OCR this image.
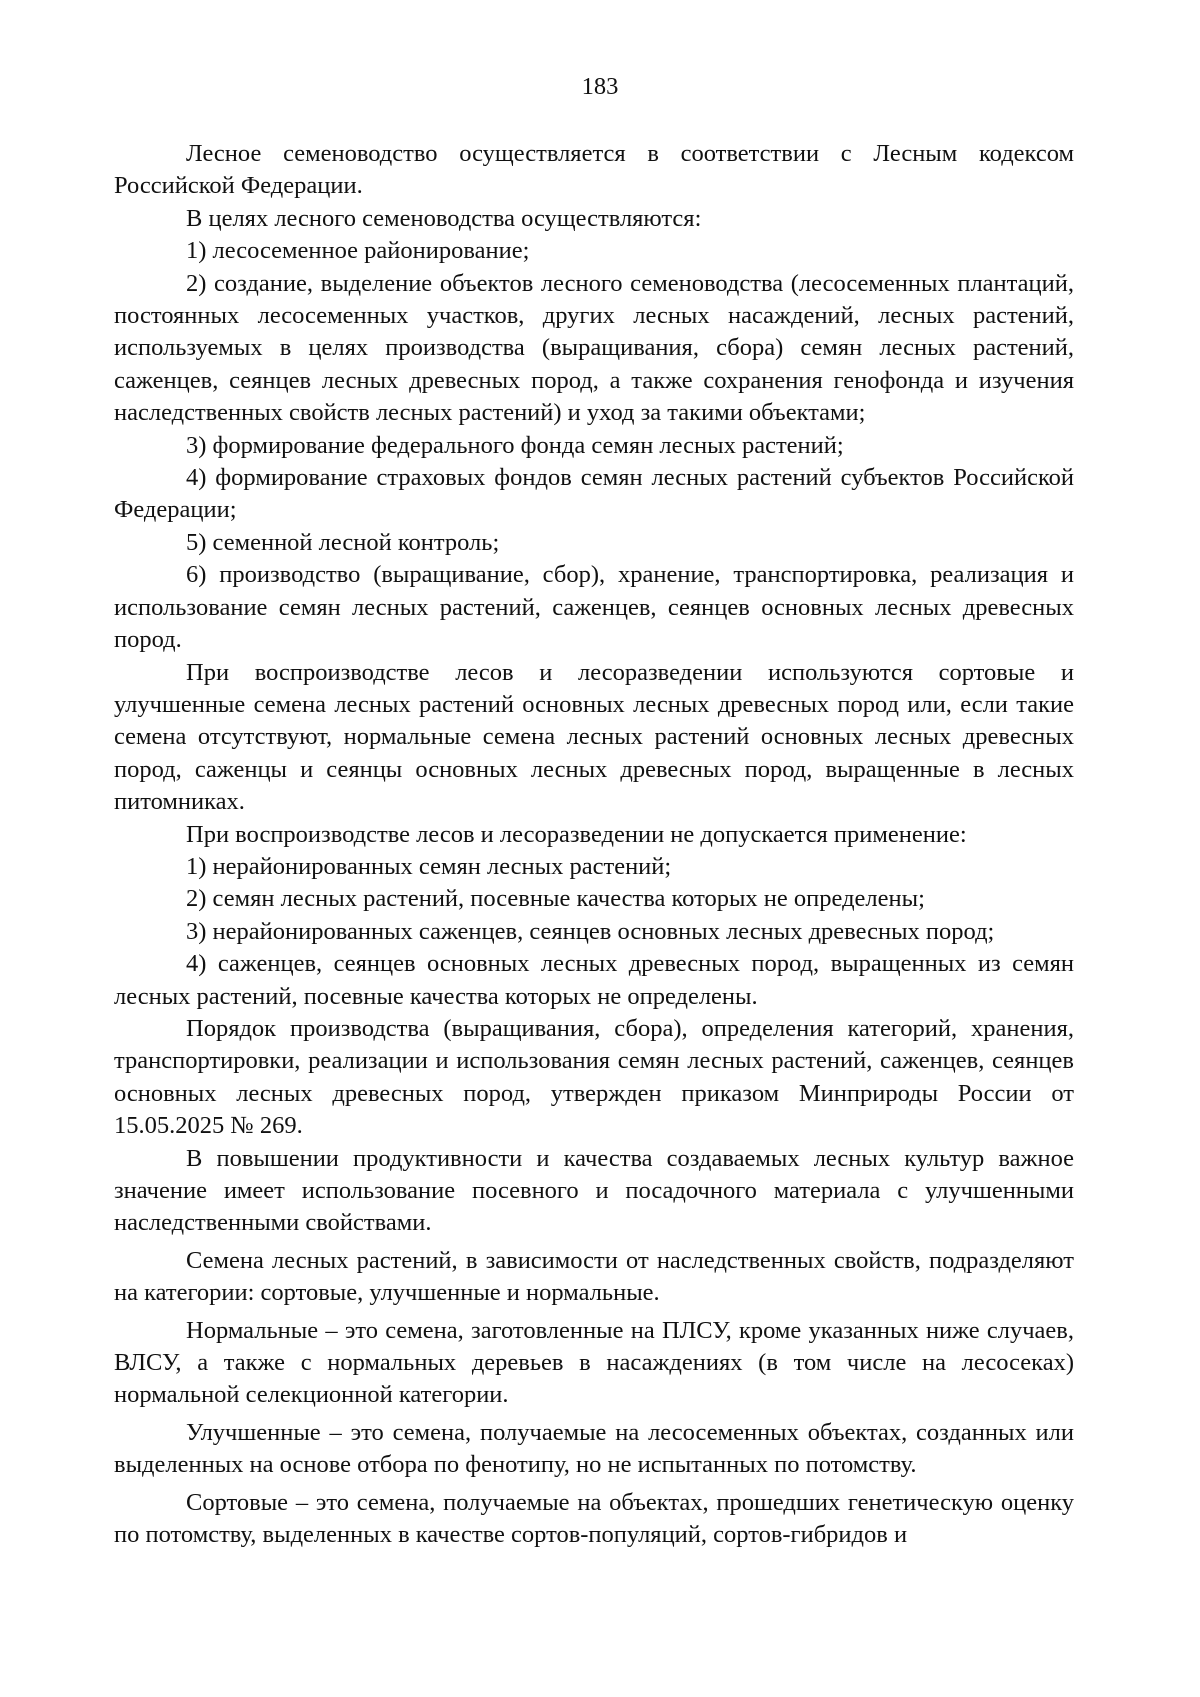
183

Лесное семеноводство осуществляется в соответствии с Лесным кодексом Российской Федерации.

В целях лесного семеноводства осуществляются:

1) лесосеменное районирование;

2) создание, выделение объектов лесного семеноводства (лесосеменных плантаций, постоянных лесосеменных участков, других лесных насаждений, лесных растений, используемых в целях производства (выращивания, сбора) семян лесных растений, саженцев, сеянцев лесных древесных пород, а также сохранения генофонда и изучения наследственных свойств лесных растений) и уход за такими объектами;

3) формирование федерального фонда семян лесных растений;

4) формирование страховых фондов семян лесных растений субъектов Российской Федерации;

5) семенной лесной контроль;

6) производство (выращивание, сбор), хранение, транспортировка, реализация и использование семян лесных растений, саженцев, сеянцев основных лесных древесных пород.

При воспроизводстве лесов и лесоразведении используются сортовые и улучшенные семена лесных растений основных лесных древесных пород или, если такие семена отсутствуют, нормальные семена лесных растений основных лесных древесных пород, саженцы и сеянцы основных лесных древесных пород, выращенные в лесных питомниках.

При воспроизводстве лесов и лесоразведении не допускается применение:

1) нерайонированных семян лесных растений;

2) семян лесных растений, посевные качества которых не определены;

3) нерайонированных саженцев, сеянцев основных лесных древесных пород;

4) саженцев, сеянцев основных лесных древесных пород, выращенных из семян лесных растений, посевные качества которых не определены.

Порядок производства (выращивания, сбора), определения категорий, хранения, транспортировки, реализации и использования семян лесных растений, саженцев, сеянцев основных лесных древесных пород, утвержден приказом Минприроды России от 15.05.2025 № 269.

В повышении продуктивности и качества создаваемых лесных культур важное значение имеет использование посевного и посадочного материала с улучшенными наследственными свойствами.

Семена лесных растений, в зависимости от наследственных свойств, подразделяют на категории: сортовые, улучшенные и нормальные.

Нормальные – это семена, заготовленные на ПЛСУ, кроме указанных ниже случаев, ВЛСУ, а также с нормальных деревьев в насаждениях (в том числе на лесосеках) нормальной селекционной категории.

Улучшенные – это семена, получаемые на лесосеменных объектах, созданных или выделенных на основе отбора по фенотипу, но не испытанных по потомству.

Сортовые – это семена, получаемые на объектах, прошедших генетическую оценку по потомству, выделенных в качестве сортов-популяций, сортов-гибридов и
